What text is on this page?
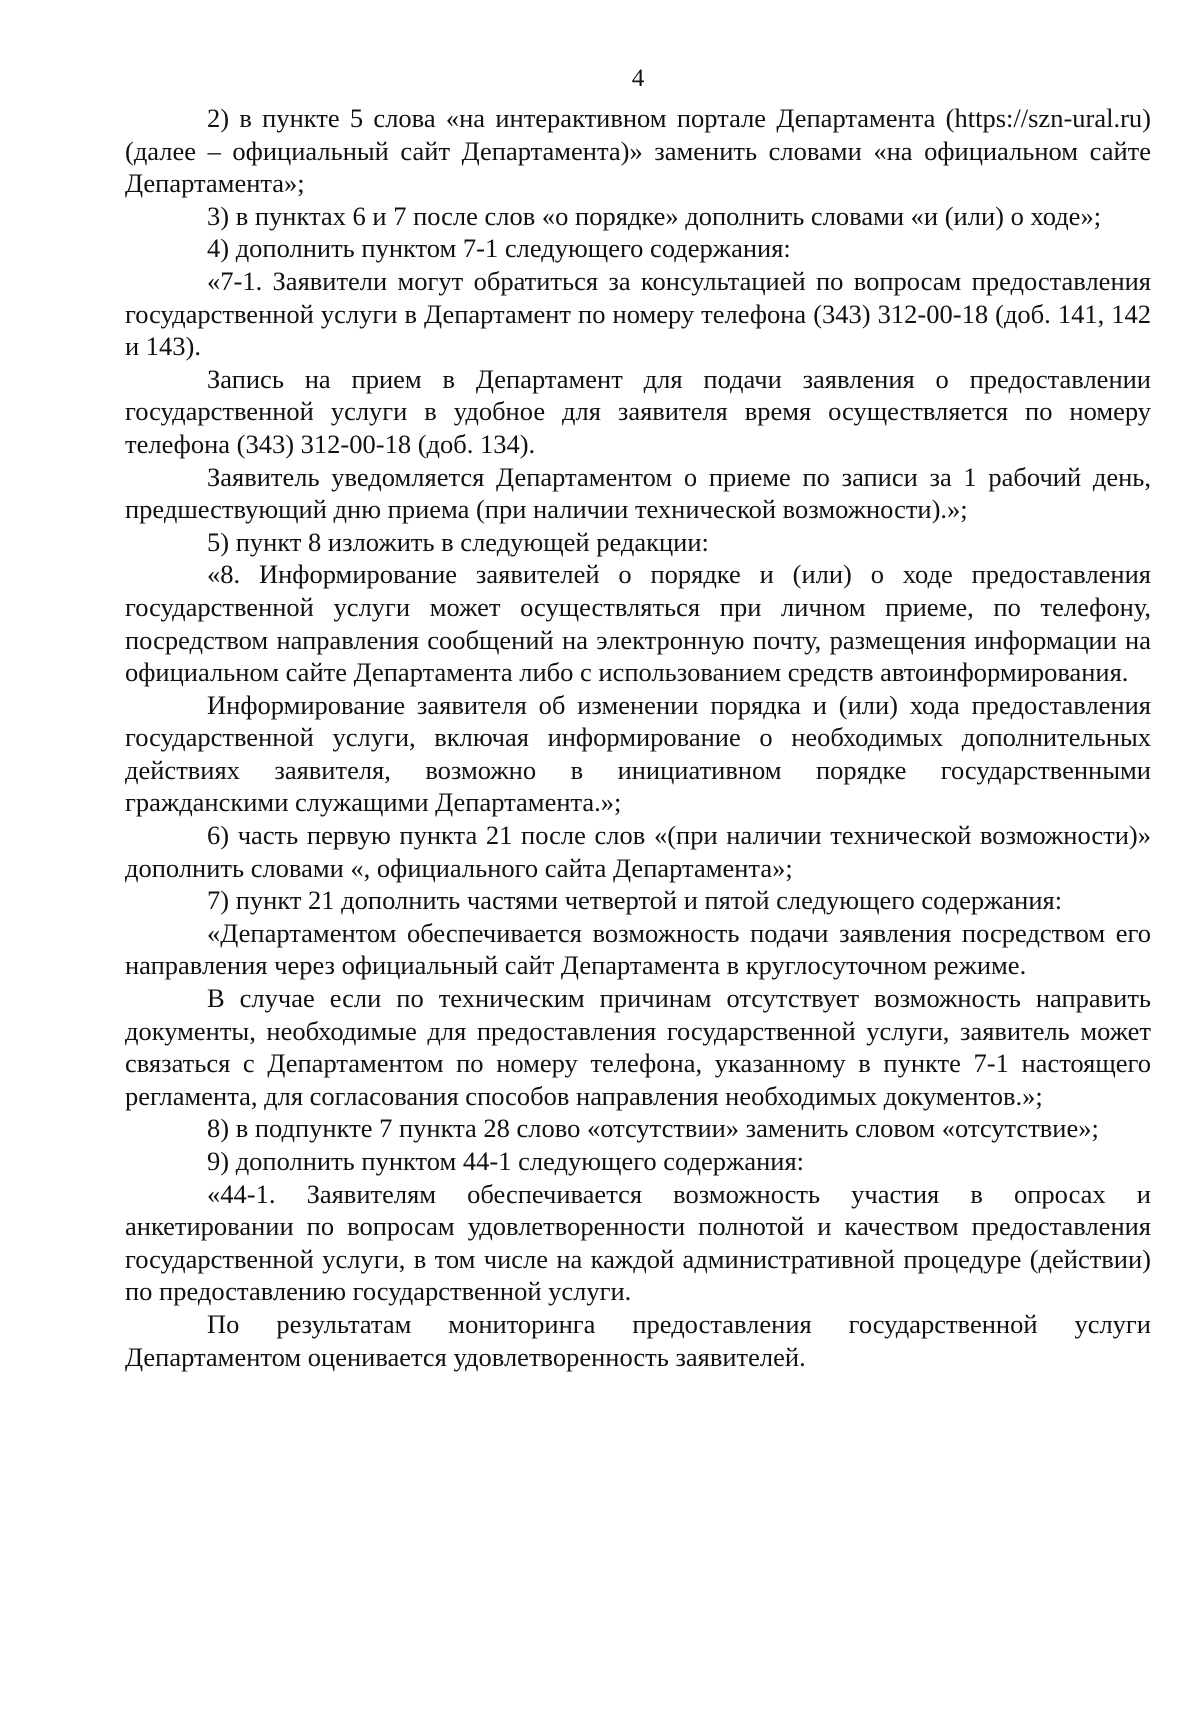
4

2) в пункте 5 слова «на интерактивном портале Департамента (https://szn-ural.ru) (далее – официальный сайт Департамента)» заменить словами «на официальном сайте Департамента»;

3) в пунктах 6 и 7 после слов «о порядке» дополнить словами «и (или) о ходе»;

4) дополнить пунктом 7-1 следующего содержания:

«7-1. Заявители могут обратиться за консультацией по вопросам предоставления государственной услуги в Департамент по номеру телефона (343) 312-00-18 (доб. 141, 142 и 143).

Запись на прием в Департамент для подачи заявления о предоставлении государственной услуги в удобное для заявителя время осуществляется по номеру телефона (343) 312-00-18 (доб. 134).

Заявитель уведомляется Департаментом о приеме по записи за 1 рабочий день, предшествующий дню приема (при наличии технической возможности).»;

5) пункт 8 изложить в следующей редакции:

«8. Информирование заявителей о порядке и (или) о ходе предоставления государственной услуги может осуществляться при личном приеме, по телефону, посредством направления сообщений на электронную почту, размещения информации на официальном сайте Департамента либо с использованием средств автоинформирования.

Информирование заявителя об изменении порядка и (или) хода предоставления государственной услуги, включая информирование о необходимых дополнительных действиях заявителя, возможно в инициативном порядке государственными гражданскими служащими Департамента.»;

6) часть первую пункта 21 после слов «(при наличии технической возможности)» дополнить словами «, официального сайта Департамента»;

7) пункт 21 дополнить частями четвертой и пятой следующего содержания:

«Департаментом обеспечивается возможность подачи заявления посредством его направления через официальный сайт Департамента в круглосуточном режиме.

В случае если по техническим причинам отсутствует возможность направить документы, необходимые для предоставления государственной услуги, заявитель может связаться с Департаментом по номеру телефона, указанному в пункте 7-1 настоящего регламента, для согласования способов направления необходимых документов.»;

8) в подпункте 7 пункта 28 слово «отсутствии» заменить словом «отсутствие»;

9) дополнить пунктом 44-1 следующего содержания:

«44-1. Заявителям обеспечивается возможность участия в опросах и анкетировании по вопросам удовлетворенности полнотой и качеством предоставления государственной услуги, в том числе на каждой административной процедуре (действии) по предоставлению государственной услуги.

По результатам мониторинга предоставления государственной услуги Департаментом оценивается удовлетворенность заявителей.
